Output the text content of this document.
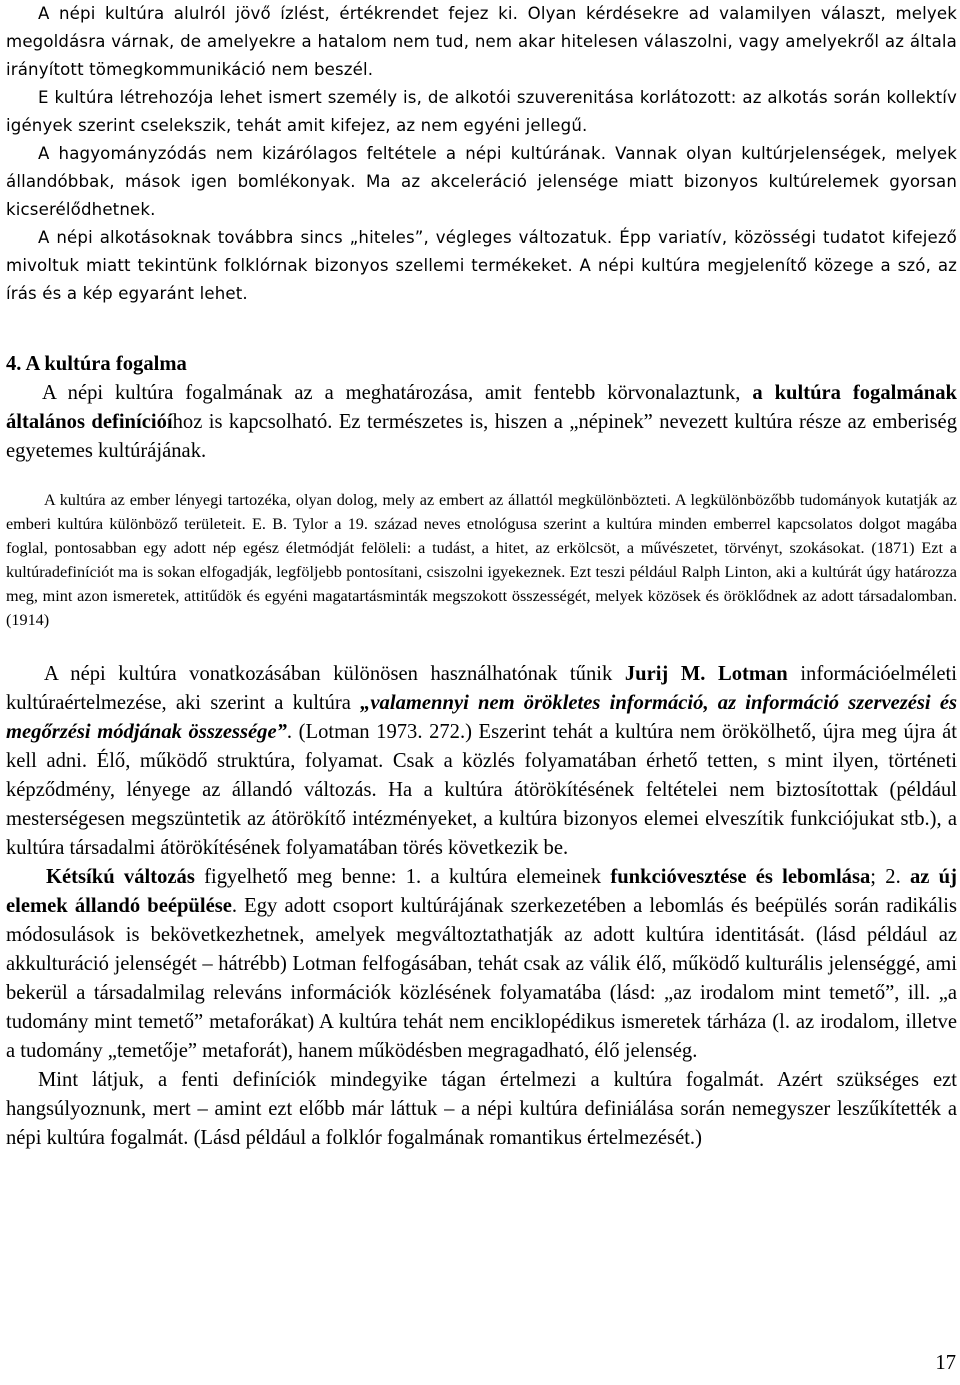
A népi kultúra alulról jövő ízlést, értékrendet fejez ki. Olyan kérdésekre ad valamilyen választ, melyek megoldásra várnak, de amelyekre a hatalom nem tud, nem akar hitelesen válaszolni, vagy amelyekről az általa irányított tömegkommunikáció nem beszél.

E kultúra létrehozója lehet ismert személy is, de alkotói szuverenitása korlátozott: az alkotás során kollektív igények szerint cselekszik, tehát amit kifejez, az nem egyéni jellegű.

A hagyományzódás nem kizárólagos feltétele a népi kultúrának. Vannak olyan kultúrjelenségek, melyek állandóbbak, mások igen bomlékonyak. Ma az akceleráció jelensége miatt bizonyos kultúrelemek gyorsan kicserélődhetnek.

A népi alkotásoknak továbbra sincs „hiteles”, végleges változatuk. Épp variatív, közösségi tudatot kifejező mivoltuk miatt tekintünk folklórnak bizonyos szellemi termékeket. A népi kultúra megjelenítő közege a szó, az írás és a kép egyaránt lehet.

4. A kultúra fogalma

A népi kultúra fogalmának az a meghatározása, amit fentebb körvonalaztunk, a kultúra fogalmának általános definícióíhoz is kapcsolható. Ez természetes is, hiszen a „népinek” nevezett kultúra része az emberiség egyetemes kultúrájának.

A kultúra az ember lényegi tartozéka, olyan dolog, mely az embert az állattól megkülönbözteti. A legkülönbözőbb tudományok kutatják az emberi kultúra különböző területeit. E. B. Tylor a 19. század neves etnológusa szerint a kultúra minden emberrel kapcsolatos dolgot magába foglal, pontosabban egy adott nép egész életmódját felöleli: a tudást, a hitet, az erkölcsöt, a művészetet, törvényt, szokásokat. (1871) Ezt a kultúradefiníciót ma is sokan elfogadják, legföljebb pontosítani, csiszolni igyekeznek. Ezt teszi például Ralph Linton, aki a kultúrát úgy határozza meg, mint azon ismeretek, attitűdök és egyéni magatartásminták megszokott összességét, melyek közösek és öröklődnek az adott társadalomban. (1914)

A népi kultúra vonatkozásában különösen használhatónak tűnik Jurij M. Lotman információelméleti kultúraértelmezése, aki szerint a kultúra „valamennyi nem örökletes információ, az információ szervezési és megőrzési módjának összessége”. (Lotman 1973. 272.) Eszerint tehát a kultúra nem örökölhető, újra meg újra át kell adni. Élő, működő struktúra, folyamat. Csak a közlés folyamatában érhető tetten, s mint ilyen, történeti képződmény, lényege az állandó változás. Ha a kultúra átörökítésének feltételei nem biztosítottak (például mesterségesen megszüntetik az átörökítő intézményeket, a kultúra bizonyos elemei elveszítik funkciójukat stb.), a kultúra társadalmi átörökítésének folyamatában törés következik be.

Kétsíkú változás figyelhető meg benne: 1. a kultúra elemeinek funkcióvesztése és lebomlása; 2. az új elemek állandó beépülése. Egy adott csoport kultúrájának szerkezetében a lebomlás és beépülés során radikális módosulások is bekövetkezhetnek, amelyek megváltoztathatják az adott kultúra identitását. (lásd például az akkulturáció jelenségét – hátrébb) Lotman felfogásában, tehát csak az válik élő, működő kulturális jelenséggé, ami bekerül a társadalmilag releváns információk közlésének folyamatába (lásd: „az irodalom mint temető”, ill. „a tudomány mint temető” metaforákat) A kultúra tehát nem enciklopédikus ismeretek tárháza (l. az irodalom, illetve a tudomány „temetője” metaforát), hanem működésben megragadható, élő jelenség.

Mint látjuk, a fenti definíciók mindegyike tágan értelmezi a kultúra fogalmát. Azért szükséges ezt hangsúlyoznunk, mert – amint ezt előbb már láttuk – a népi kultúra definiálása során nemegyszer leszűkítették a népi kultúra fogalmát. (Lásd például a folklór fogalmának romantikus értelmezését.)

17
